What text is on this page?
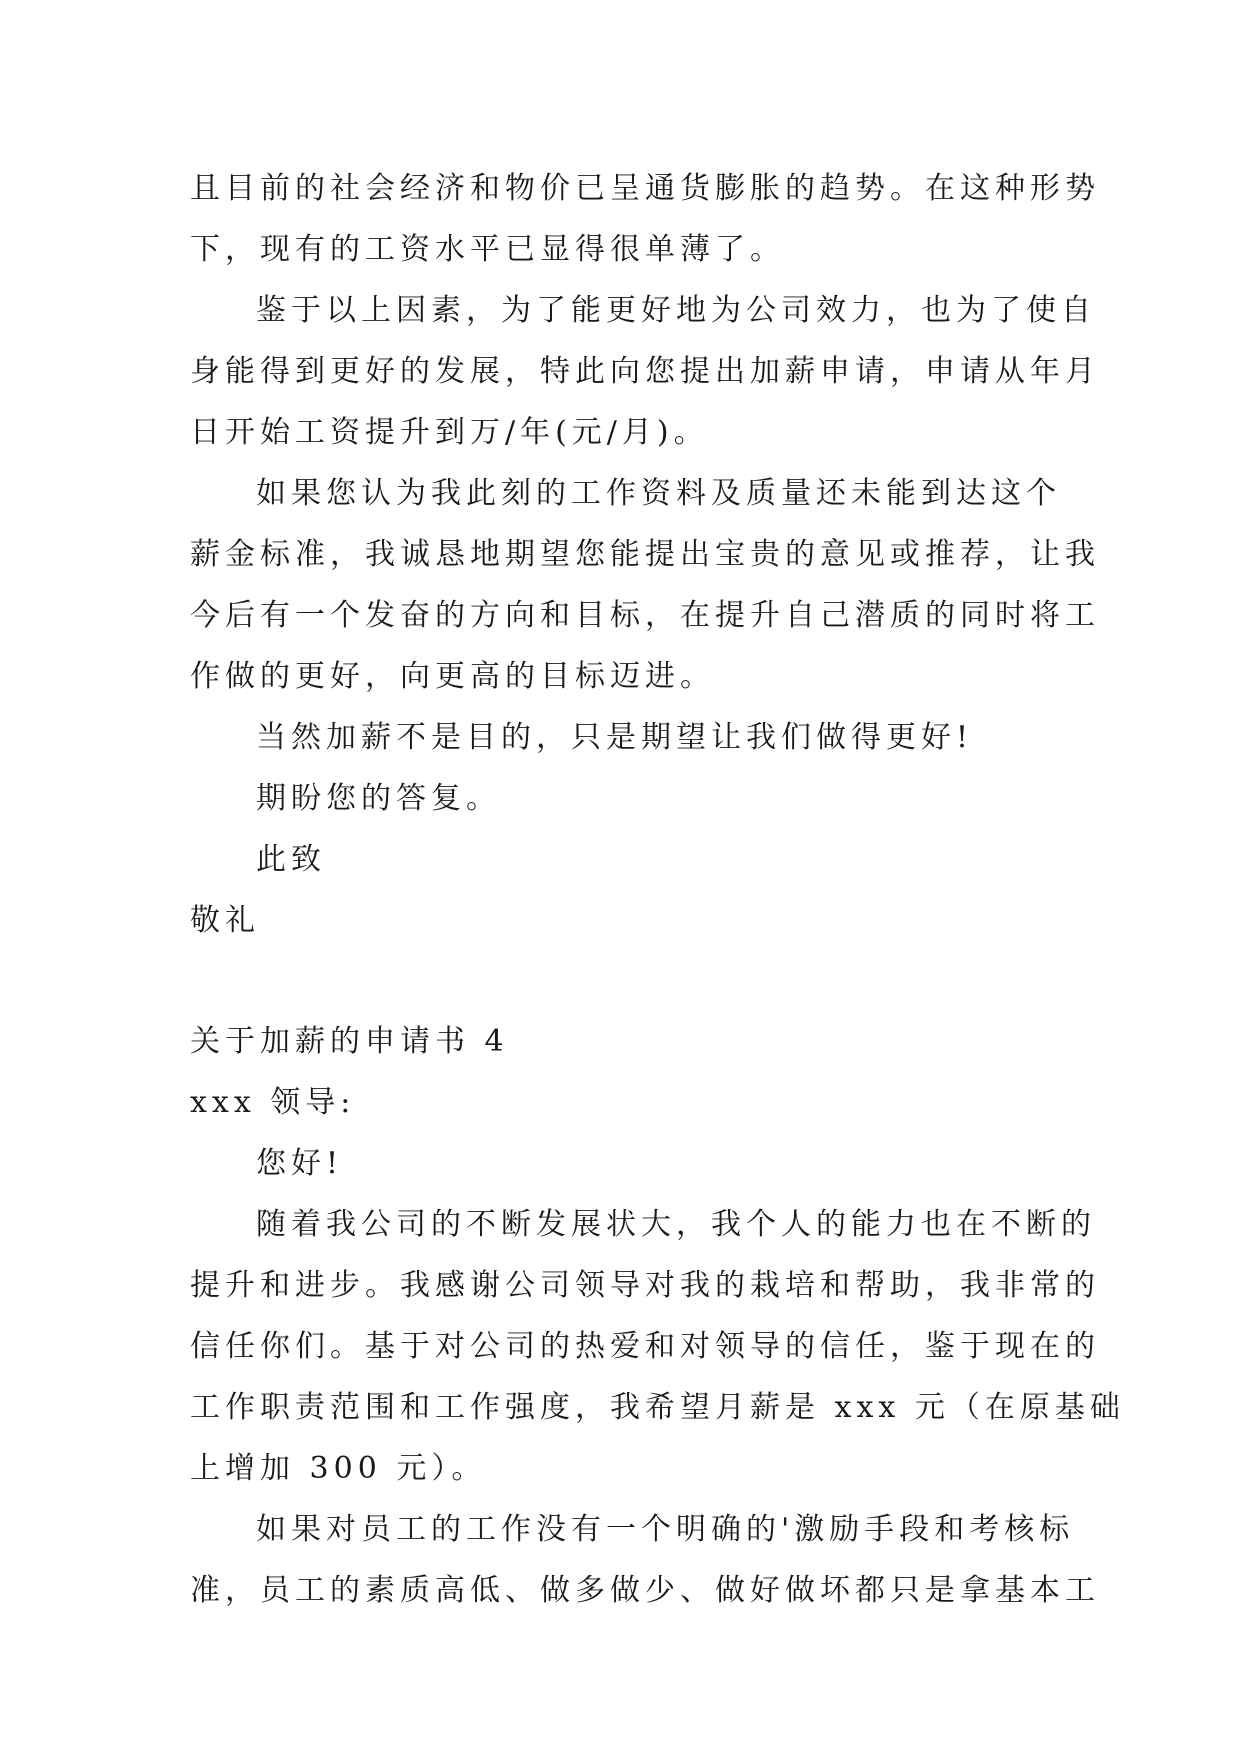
且目前的社会经济和物价已呈通货膨胀的趋势。在这种形势
下，现有的工资水平已显得很单薄了。
鉴于以上因素，为了能更好地为公司效力，也为了使自
身能得到更好的发展，特此向您提出加薪申请，申请从年月
日开始工资提升到万/年(元/月)。
如果您认为我此刻的工作资料及质量还未能到达这个
薪金标准，我诚恳地期望您能提出宝贵的意见或推荐，让我
今后有一个发奋的方向和目标，在提升自己潜质的同时将工
作做的更好，向更高的目标迈进。
当然加薪不是目的，只是期望让我们做得更好!
期盼您的答复。
此致
敬礼
关于加薪的申请书 4
xxx 领导:
您好!
随着我公司的不断发展状大，我个人的能力也在不断的
提升和进步。我感谢公司领导对我的栽培和帮助，我非常的
信任你们。基于对公司的热爱和对领导的信任，鉴于现在的
工作职责范围和工作强度，我希望月薪是 xxx 元（在原基础
上增加 300 元）。
如果对员工的工作没有一个明确的'激励手段和考核标
准，员工的素质高低、做多做少、做好做坏都只是拿基本工
